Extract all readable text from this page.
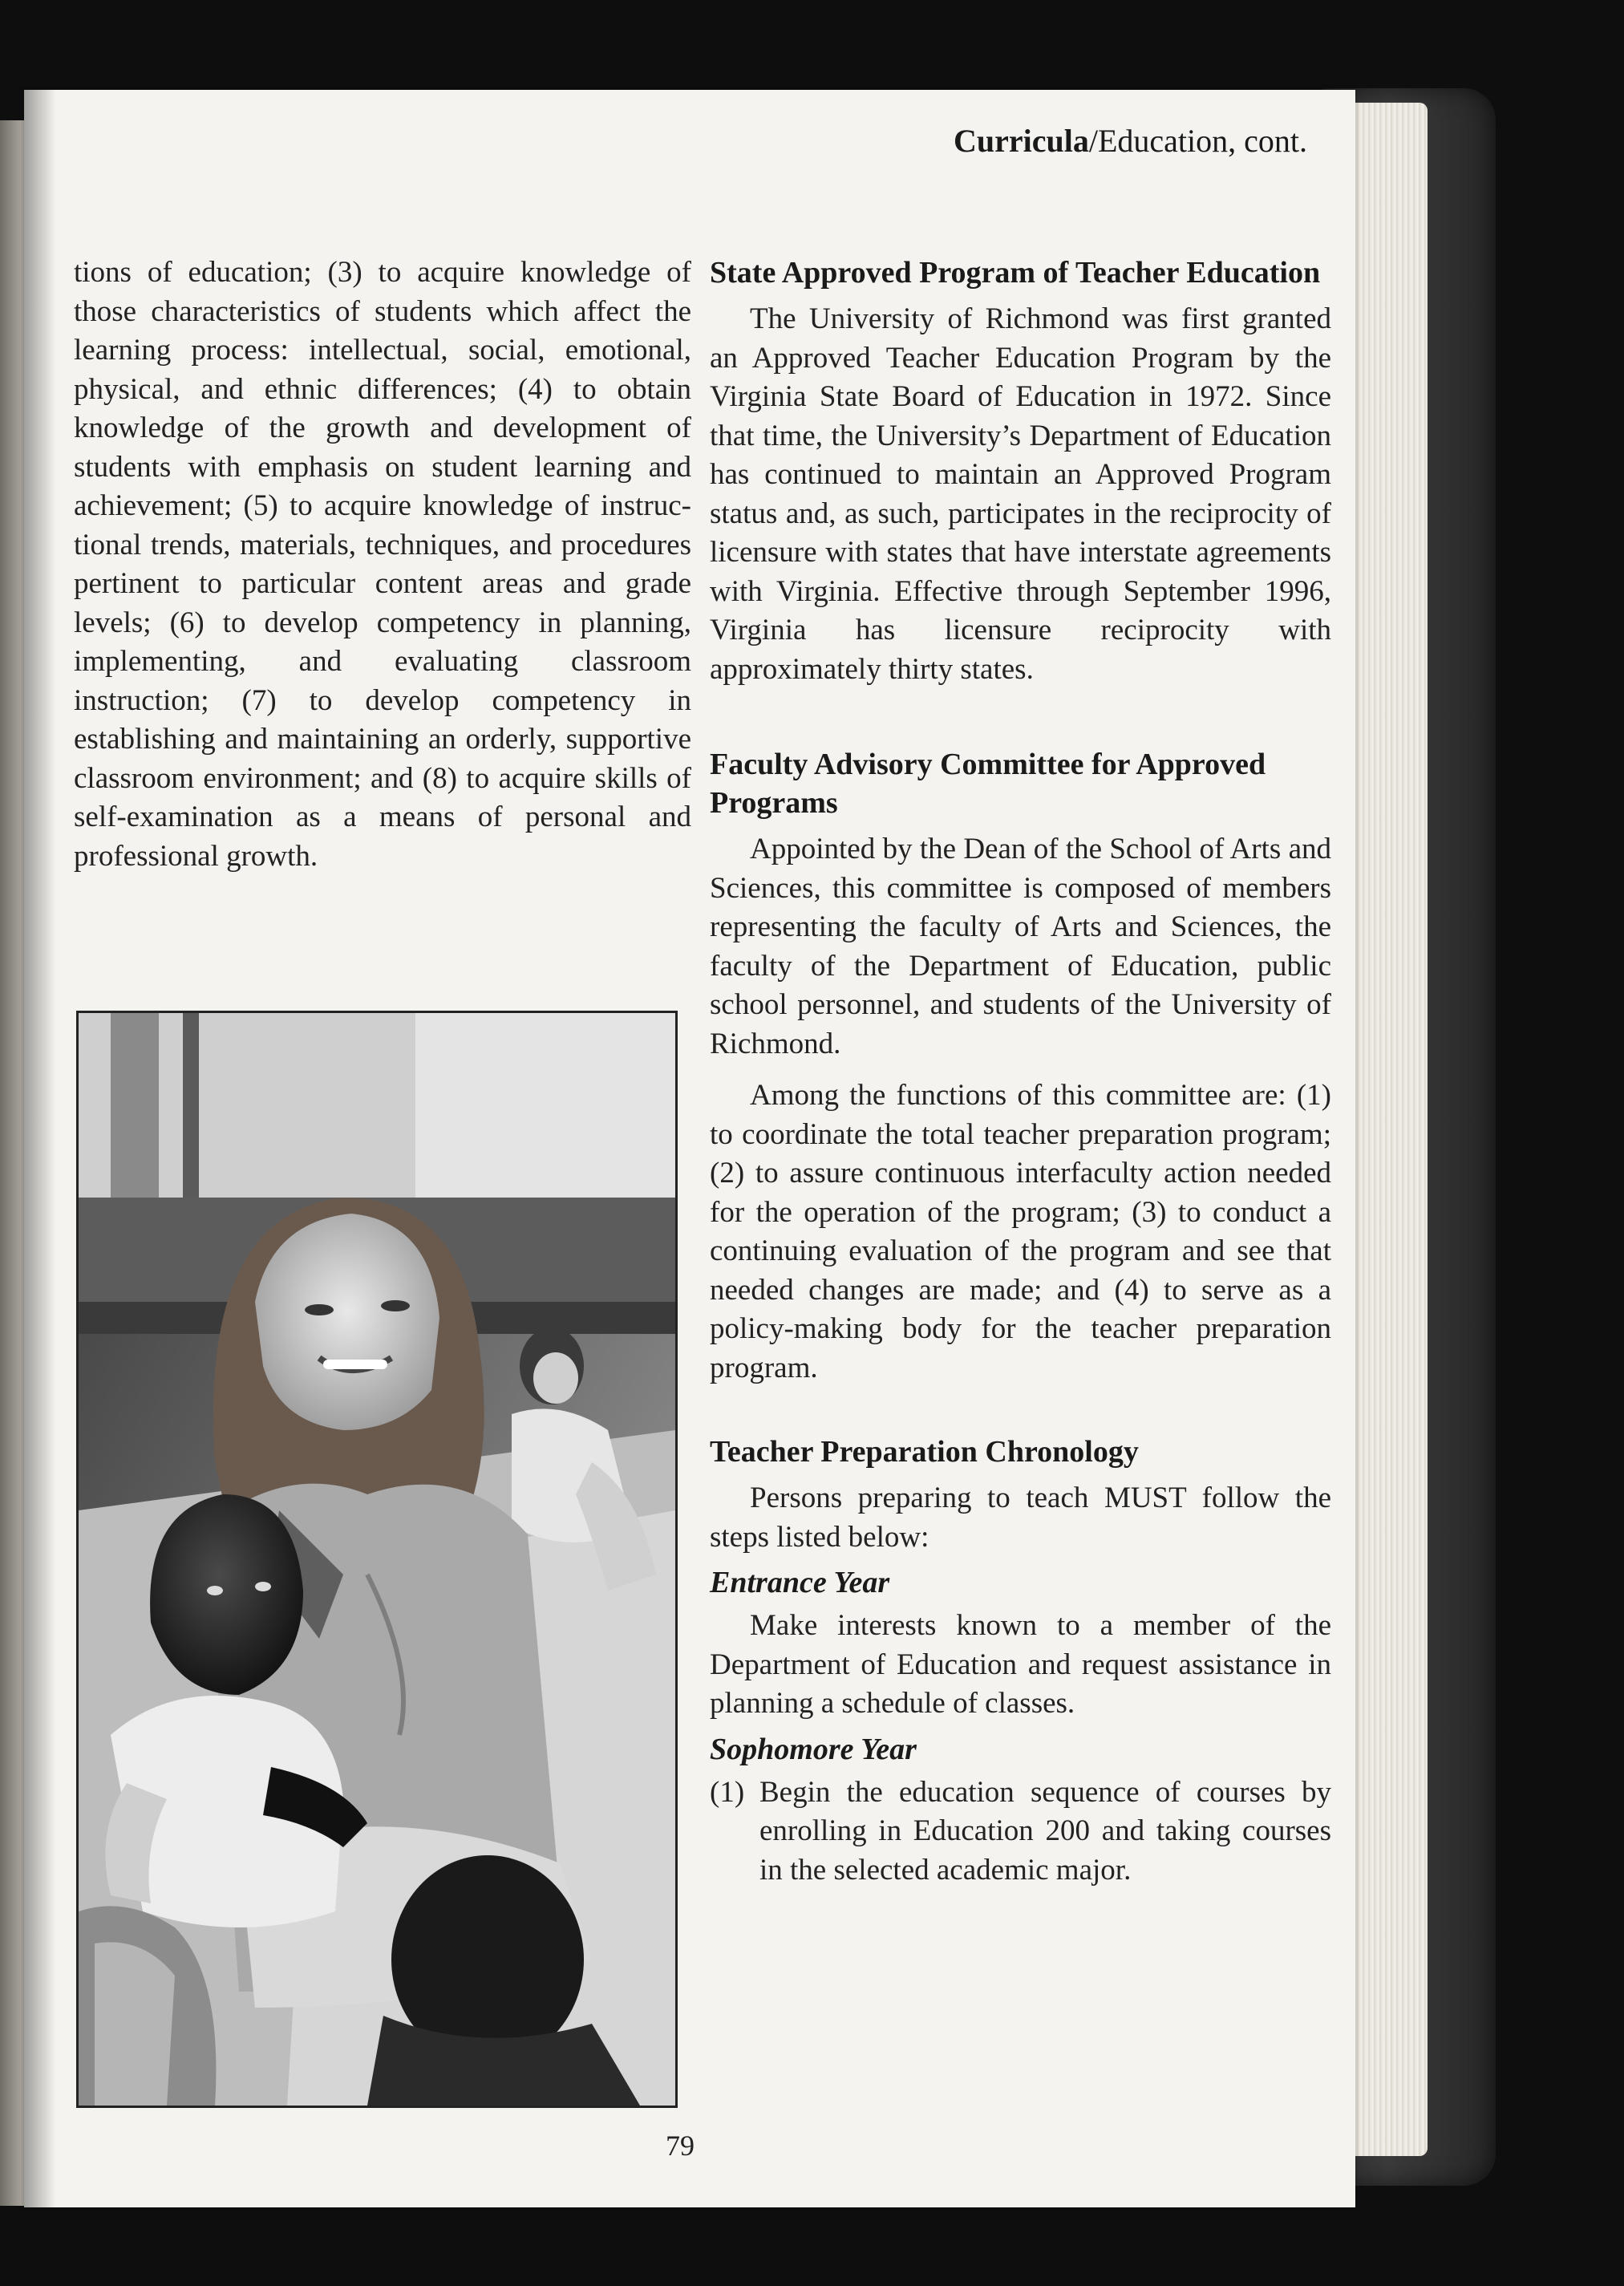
Curricula/Education, cont.

tions of education; (3) to acquire knowledge of those characteristics of students which affect the learning process: intellectual, social, emotional, physical, and ethnic differences; (4) to obtain knowledge of the growth and development of students with emphasis on student learning and achievement; (5) to acquire knowledge of instructional trends, materials, techniques, and procedures pertinent to particular content areas and grade levels; (6) to develop competency in planning, implementing, and evaluating classroom instruction; (7) to develop competency in establishing and maintaining an orderly, supportive classroom environment; and (8) to acquire skills of self-examination as a means of personal and professional growth.

State Approved Program of Teacher Education

The University of Richmond was first granted an Approved Teacher Education Program by the Virginia State Board of Education in 1972. Since that time, the University’s Department of Education has continued to maintain an Approved Program status and, as such, participates in the reciprocity of licensure with states that have interstate agreements with Virginia. Effective through September 1996, Virginia has licensure reciprocity with approximately thirty states.

Faculty Advisory Committee for Approved Programs

Appointed by the Dean of the School of Arts and Sciences, this committee is composed of members representing the faculty of Arts and Sciences, the faculty of the Department of Education, public school personnel, and students of the University of Richmond.

Among the functions of this committee are: (1) to coordinate the total teacher preparation program; (2) to assure continuous interfaculty action needed for the operation of the program; (3) to conduct a continuing evaluation of the program and see that needed changes are made; and (4) to serve as a policy-making body for the teacher preparation program.

Teacher Preparation Chronology

Persons preparing to teach MUST follow the steps listed below:

Entrance Year

Make interests known to a member of the Department of Education and request assistance in planning a schedule of classes.

Sophomore Year
(1) Begin the education sequence of courses by enrolling in Education 200 and taking courses in the selected academic major.
79
